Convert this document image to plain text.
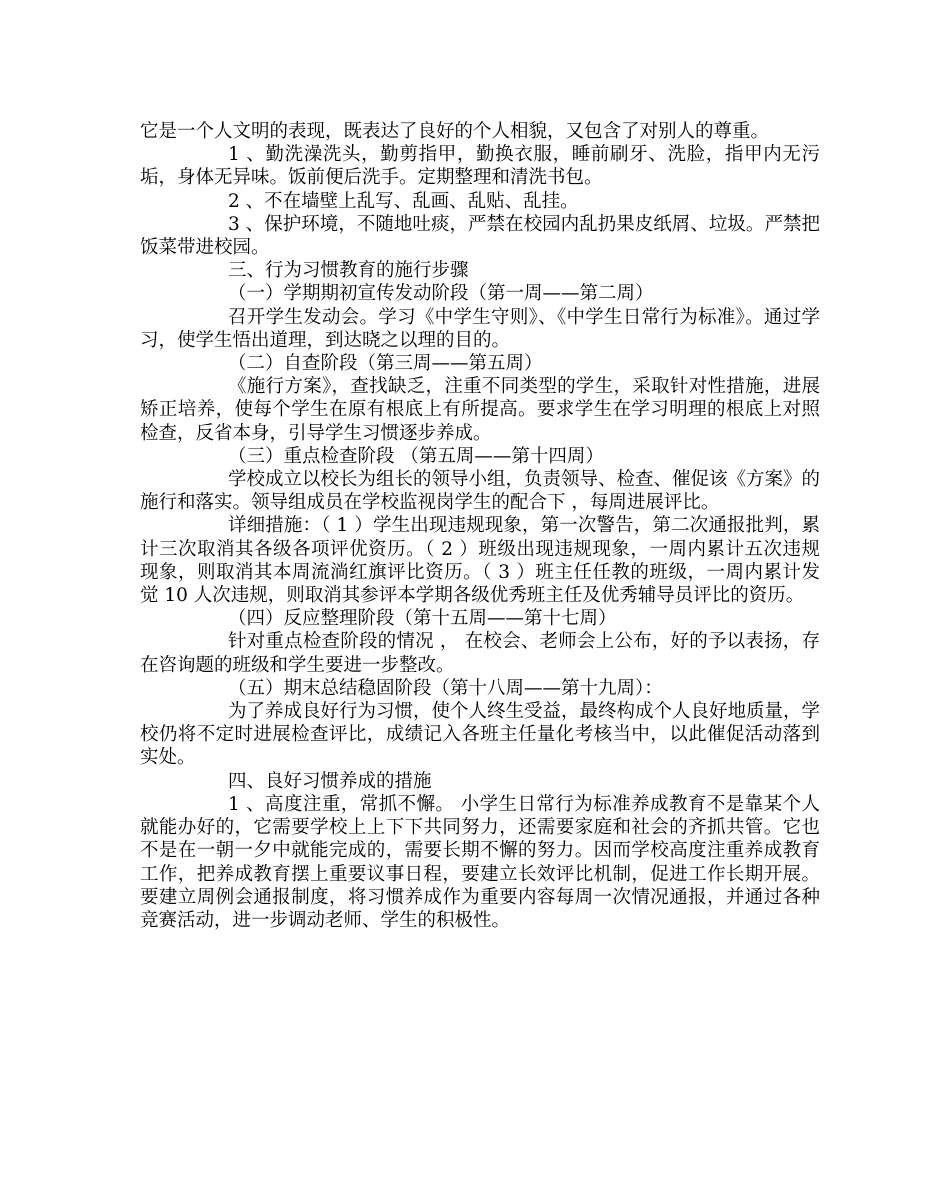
它是一个人文明的表现，既表达了良好的个人相貌，又包含了对别人的尊重。

1 、勤洗澡洗头，勤剪指甲，勤换衣服，睡前刷牙、洗脸，指甲内无污垢，身体无异味。饭前便后洗手。定期整理和清洗书包。

2 、不在墙壁上乱写、乱画、乱贴、乱挂。

3 、保护环境，不随地吐痰，严禁在校园内乱扔果皮纸屑、垃圾。严禁把饭菜带进校园。

三、行为习惯教育的施行步骤

（一）学期期初宣传发动阶段（第一周——第二周）

召开学生发动会。学习《中学生守则》、《中学生日常行为标准》。通过学习，使学生悟出道理，到达晓之以理的目的。

（二）自查阶段（第三周——第五周）

《施行方案》，查找缺乏，注重不同类型的学生，采取针对性措施，进展矫正培养，使每个学生在原有根底上有所提高。要求学生在学习明理的根底上对照检查，反省本身，引导学生习惯逐步养成。

（三）重点检查阶段 （第五周——第十四周）

学校成立以校长为组长的领导小组，负责领导、检查、催促该《方案》的施行和落实。领导组成员在学校监视岗学生的配合下 ，每周进展评比。

详细措施：（ 1 ）学生出现违规现象，第一次警告，第二次通报批判，累计三次取消其各级各项评优资历。（ 2 ）班级出现违规现象，一周内累计五次违规现象，则取消其本周流淌红旗评比资历。（ 3 ）班主任任教的班级，一周内累计发觉 10 人次违规，则取消其参评本学期各级优秀班主任及优秀辅导员评比的资历。

（四）反应整理阶段（第十五周——第十七周）

针对重点检查阶段的情况 ， 在校会、老师会上公布，好的予以表扬，存在咨询题的班级和学生要进一步整改。

（五）期末总结稳固阶段（第十八周——第十九周）：

为了养成良好行为习惯，使个人终生受益，最终构成个人良好地质量，学校仍将不定时进展检查评比，成绩记入各班主任量化考核当中，以此催促活动落到实处。

四、良好习惯养成的措施

1 、高度注重，常抓不懈。 小学生日常行为标准养成教育不是靠某个人就能办好的，它需要学校上上下下共同努力，还需要家庭和社会的齐抓共管。它也不是在一朝一夕中就能完成的，需要长期不懈的努力。因而学校高度注重养成教育工作，把养成教育摆上重要议事日程，要建立长效评比机制，促进工作长期开展。要建立周例会通报制度，将习惯养成作为重要内容每周一次情况通报，并通过各种竞赛活动，进一步调动老师、学生的积极性。
